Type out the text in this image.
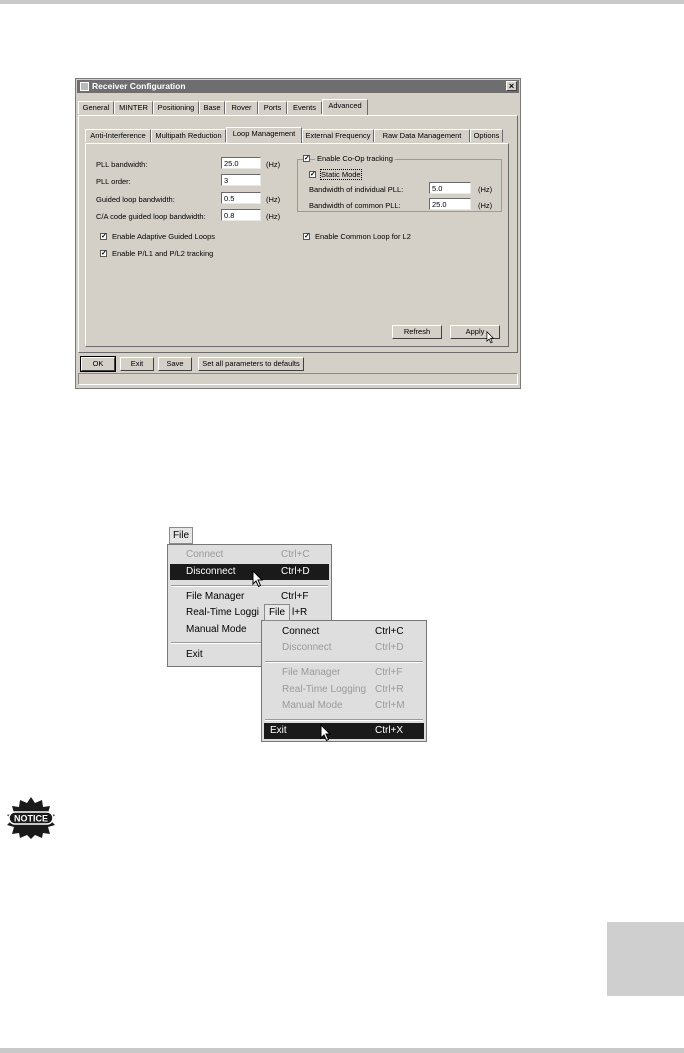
Receiver Configuration	×
General	MINTER	Positioning	Base	Rover	Ports	Events	Advanced
Anti-Interference	Multipath Reduction	Loop Management	External Frequency	Raw Data Management	Options
PLL bandwidth:	25.0	(Hz)
PLL order:	3
Guided loop bandwidth:	0.5	(Hz)
C/A code guided loop bandwidth:	0.8	(Hz)
✓ Enable Adaptive Guided Loops
✓ Enable P/L1 and P/L2 tracking
✓ Enable Co-Op tracking
✓ Static Mode
Bandwidth of individual PLL:	5.0	(Hz)
Bandwidth of common PLL:	25.0	(Hz)
✓ Enable Common Loop for L2
Refresh	Apply
OK	Exit	Save	Set all parameters to defaults
File
Connect	Ctrl+C
Disconnect	Ctrl+D
File Manager	Ctrl+F
Real-Time Loggi	l+R
Manual Mode
Exit
File
Connect	Ctrl+C
Disconnect	Ctrl+D
File Manager	Ctrl+F
Real-Time Logging Ctrl+R
Manual Mode	Ctrl+M
Exit	Ctrl+X
NOTICE
